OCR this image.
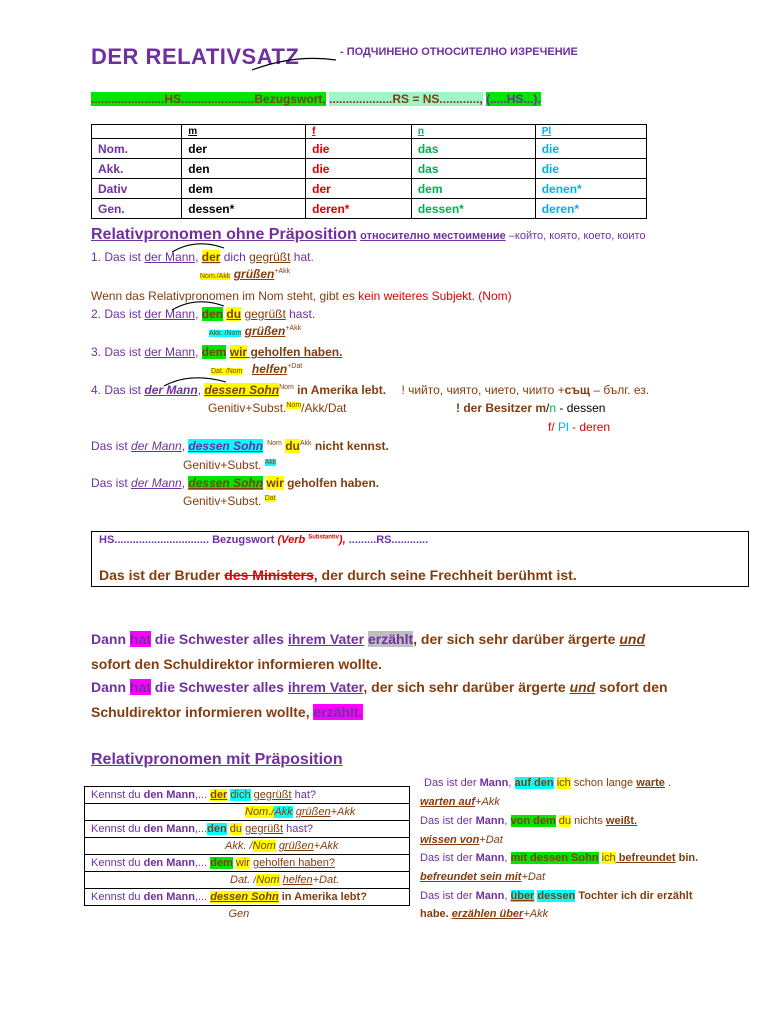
DER RELATIVSATZ	- ПОДЧИНЕНО ОТНОСИТЕЛНО ИЗРЕЧЕНИЕ
......................HS......................Bezugswort, ...................RS = NS............, (.....HS...).
	m	f	n	Pl
Nom.	der	die	das	die
Akk.	den	die	das	die
Dativ	dem	der	dem	denen*
Gen.	dessen*	deren*	dessen*	deren*
Relativpronomen ohne Präposition относително местоимение –който, която, което, които
1. Das ist der Mann, der dich gegrüßt hat.
Nom./Akk grüßen$^{+Akk}$
Wenn das Relativpronomen im Nom steht, gibt es kein weiteres Subjekt. (Nom)
2. Das ist der Mann, den du gegrüßt hast.
Akk. /Nom grüßen$^{+Akk}$
3. Das ist der Mann, dem wir geholfen haben.
Dat. /Nom helfen$^{+Dat}$
4. Das ist der Mann, dessen Sohn$^{Nom}$ in Amerika lebt. ! чийто, чиято, чието, чиито +същ – бълг. ез.
Genitiv+Subst.$^{Nom}$/Akk/Dat	! der Besitzer m/n - dessen
f/ Pl - deren
Das ist der Mann, dessen Sohn $^{Nom}$ $du^{Akk}$ nicht kennst.
Genitiv+Subst. $^{Akk}$
Das ist der Mann, dessen Sohn wir geholfen haben.
Genitiv+Subst. $^{Dat}$
HS............................... Bezugswort (Verb $^{Substantiv}$), .........RS............
Das ist der Bruder des Ministers, der durch seine Frechheit berühmt ist.
Dann hat die Schwester alles ihrem Vater erzählt, der sich sehr darüber ärgerte und
sofort den Schuldirektor informieren wollte.
Dann hat die Schwester alles ihrem Vater, der sich sehr darüber ärgerte und sofort den
Schuldirektor informieren wollte, erzählt.
Relativpronomen mit Präposition
Kennst du den Mann,... der dich gegrüßt hat?
Nom./Akk grüßen+Akk
Kennst du den Mann,...den du gegrüßt hast?
Akk. /Nom grüßen+Akk
Kennst du den Mann,... dem wir geholfen haben?
Dat. /Nom helfen+Dat.
Kennst du den Mann,... dessen Sohn in Amerika lebt?
Gen
Das ist der Mann, auf den ich schon lange warte .
warten auf+Akk
Das ist der Mann, von dem du nichts weißt.
wissen von+Dat
Das ist der Mann, mit dessen Sohn ich befreundet bin.
befreundet sein mit+Dat
Das ist der Mann, über dessen Tochter ich dir erzählt
habe. erzählen über+Akk
